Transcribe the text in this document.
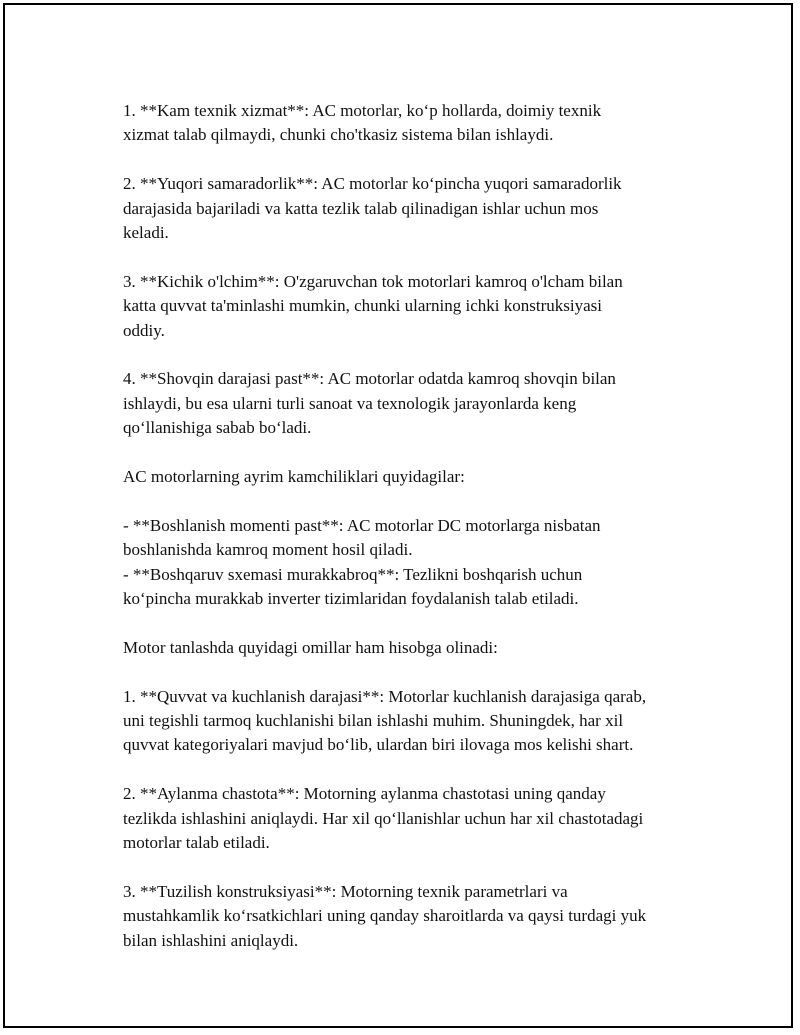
1. **Kam texnik xizmat**: AC motorlar, ko‘p hollarda, doimiy texnik
xizmat talab qilmaydi, chunki cho'tkasiz sistema bilan ishlaydi.

2. **Yuqori samaradorlik**: AC motorlar ko‘pincha yuqori samaradorlik
darajasida bajariladi va katta tezlik talab qilinadigan ishlar uchun mos
keladi.

3. **Kichik o'lchim**: O'zgaruvchan tok motorlari kamroq o'lcham bilan
katta quvvat ta'minlashi mumkin, chunki ularning ichki konstruksiyasi
oddiy.

4. **Shovqin darajasi past**: AC motorlar odatda kamroq shovqin bilan
ishlaydi, bu esa ularni turli sanoat va texnologik jarayonlarda keng
qo‘llanishiga sabab bo‘ladi.

AC motorlarning ayrim kamchiliklari quyidagilar:

- **Boshlanish momenti past**: AC motorlar DC motorlarga nisbatan
boshlanishda kamroq moment hosil qiladi.
- **Boshqaruv sxemasi murakkabroq**: Tezlikni boshqarish uchun
ko‘pincha murakkab inverter tizimlaridan foydalanish talab etiladi.

Motor tanlashda quyidagi omillar ham hisobga olinadi:

1. **Quvvat va kuchlanish darajasi**: Motorlar kuchlanish darajasiga qarab,
uni tegishli tarmoq kuchlanishi bilan ishlashi muhim. Shuningdek, har xil
quvvat kategoriyalari mavjud bo‘lib, ulardan biri ilovaga mos kelishi shart.

2. **Aylanma chastota**: Motorning aylanma chastotasi uning qanday
tezlikda ishlashini aniqlaydi. Har xil qo‘llanishlar uchun har xil chastotadagi
motorlar talab etiladi.

3. **Tuzilish konstruksiyasi**: Motorning texnik parametrlari va
mustahkamlik ko‘rsatkichlari uning qanday sharoitlarda va qaysi turdagi yuk
bilan ishlashini aniqlaydi.
